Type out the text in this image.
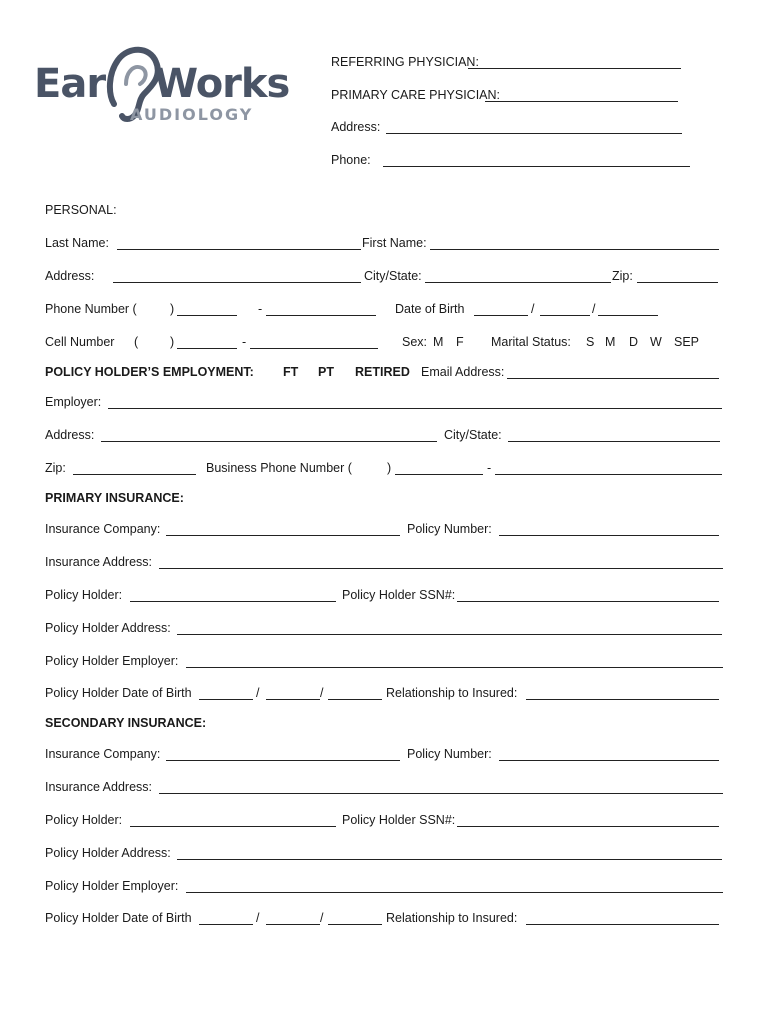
Ear Works
AUDIOLOGY
REFERRING PHYSICIAN:
PRIMARY CARE PHYSICIAN:
Address:
Phone:
PERSONAL:
Last Name:	First Name:
Address:	City/State:	Zip:
Phone Number (	)	-	Date of Birth	/	/
Cell Number (	)	-	Sex: M F Marital Status: S M D W SEP
POLICY HOLDER’S EMPLOYMENT: FT PT RETIRED Email Address:
Employer:
Address:	City/State:
Zip:	Business Phone Number (	)	-
PRIMARY INSURANCE:
Insurance Company:	Policy Number:
Insurance Address:
Policy Holder:	Policy Holder SSN#:
Policy Holder Address:
Policy Holder Employer:
Policy Holder Date of Birth	/	/	Relationship to Insured:
SECONDARY INSURANCE:
Insurance Company:	Policy Number:
Insurance Address:
Policy Holder:	Policy Holder SSN#:
Policy Holder Address:
Policy Holder Employer:
Policy Holder Date of Birth	/	/	Relationship to Insured:
